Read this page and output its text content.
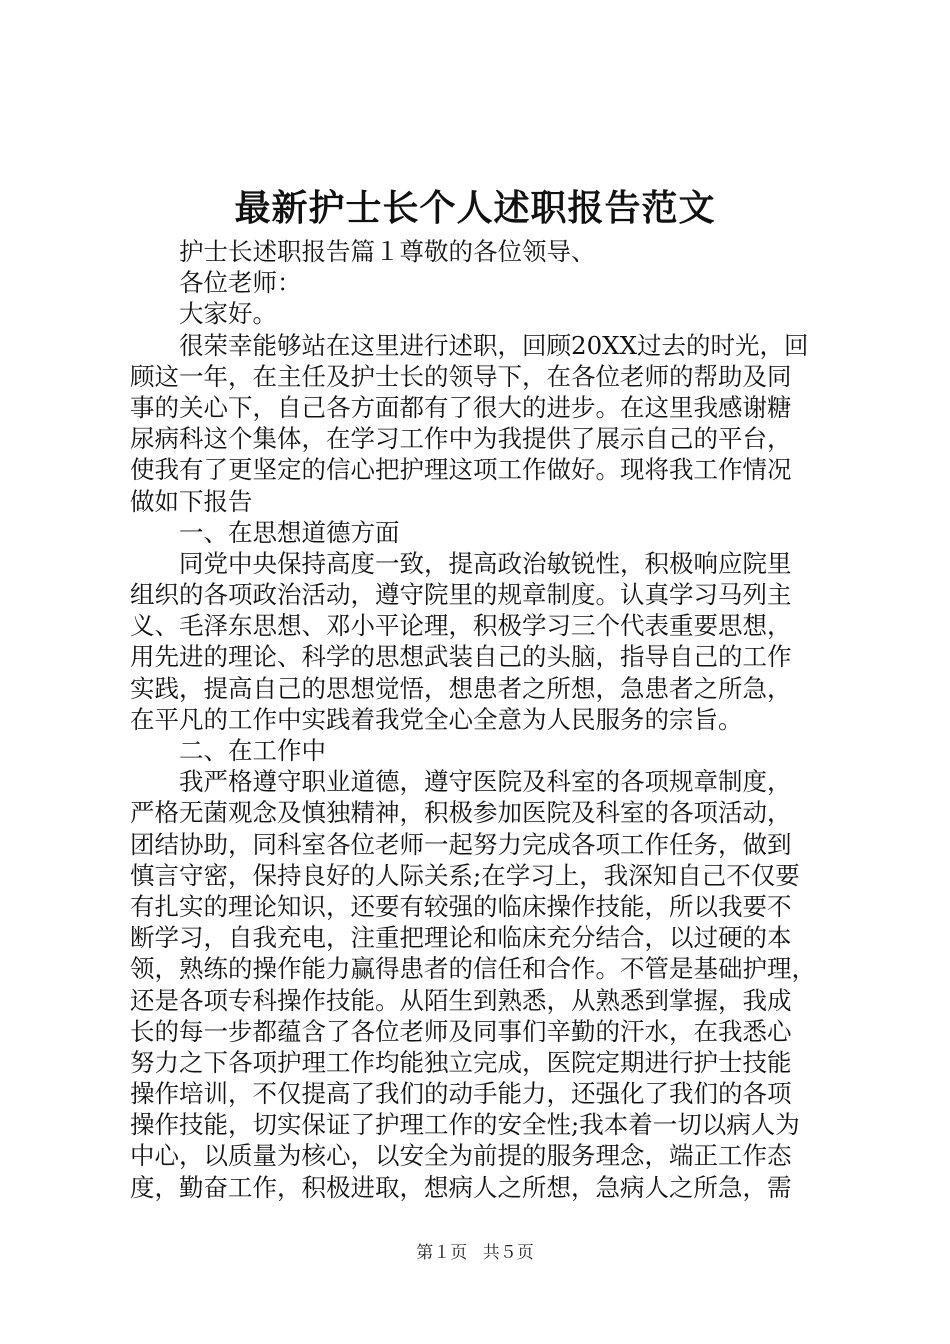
最新护士长个人述职报告范文
护士长述职报告篇１尊敬的各位领导、
各位老师：
大家好。
很荣幸能够站在这里进行述职，回顾20XX过去的时光，回
顾这一年，在主任及护士长的领导下，在各位老师的帮助及同
事的关心下，自己各方面都有了很大的进步。在这里我感谢糖
尿病科这个集体，在学习工作中为我提供了展示自己的平台，
使我有了更坚定的信心把护理这项工作做好。现将我工作情况
做如下报告
一、在思想道德方面
同党中央保持高度一致，提高政治敏锐性，积极响应院里
组织的各项政治活动，遵守院里的规章制度。认真学习马列主
义、毛泽东思想、邓小平论理，积极学习三个代表重要思想，
用先进的理论、科学的思想武装自己的头脑，指导自己的工作
实践，提高自己的思想觉悟，想患者之所想，急患者之所急，
在平凡的工作中实践着我党全心全意为人民服务的宗旨。
二、在工作中
我严格遵守职业道德，遵守医院及科室的各项规章制度，
严格无菌观念及慎独精神，积极参加医院及科室的各项活动，
团结协助，同科室各位老师一起努力完成各项工作任务，做到
慎言守密，保持良好的人际关系;在学习上，我深知自己不仅要
有扎实的理论知识，还要有较强的临床操作技能，所以我要不
断学习，自我充电，注重把理论和临床充分结合，以过硬的本
领，熟练的操作能力赢得患者的信任和合作。不管是基础护理，
还是各项专科操作技能。从陌生到熟悉，从熟悉到掌握，我成
长的每一步都蕴含了各位老师及同事们辛勤的汗水，在我悉心
努力之下各项护理工作均能独立完成，医院定期进行护士技能
操作培训，不仅提高了我们的动手能力，还强化了我们的各项
操作技能，切实保证了护理工作的安全性;我本着一切以病人为
中心，以质量为核心，以安全为前提的服务理念，端正工作态
度，勤奋工作，积极进取，想病人之所想，急病人之所急，需
第１页 共５页
